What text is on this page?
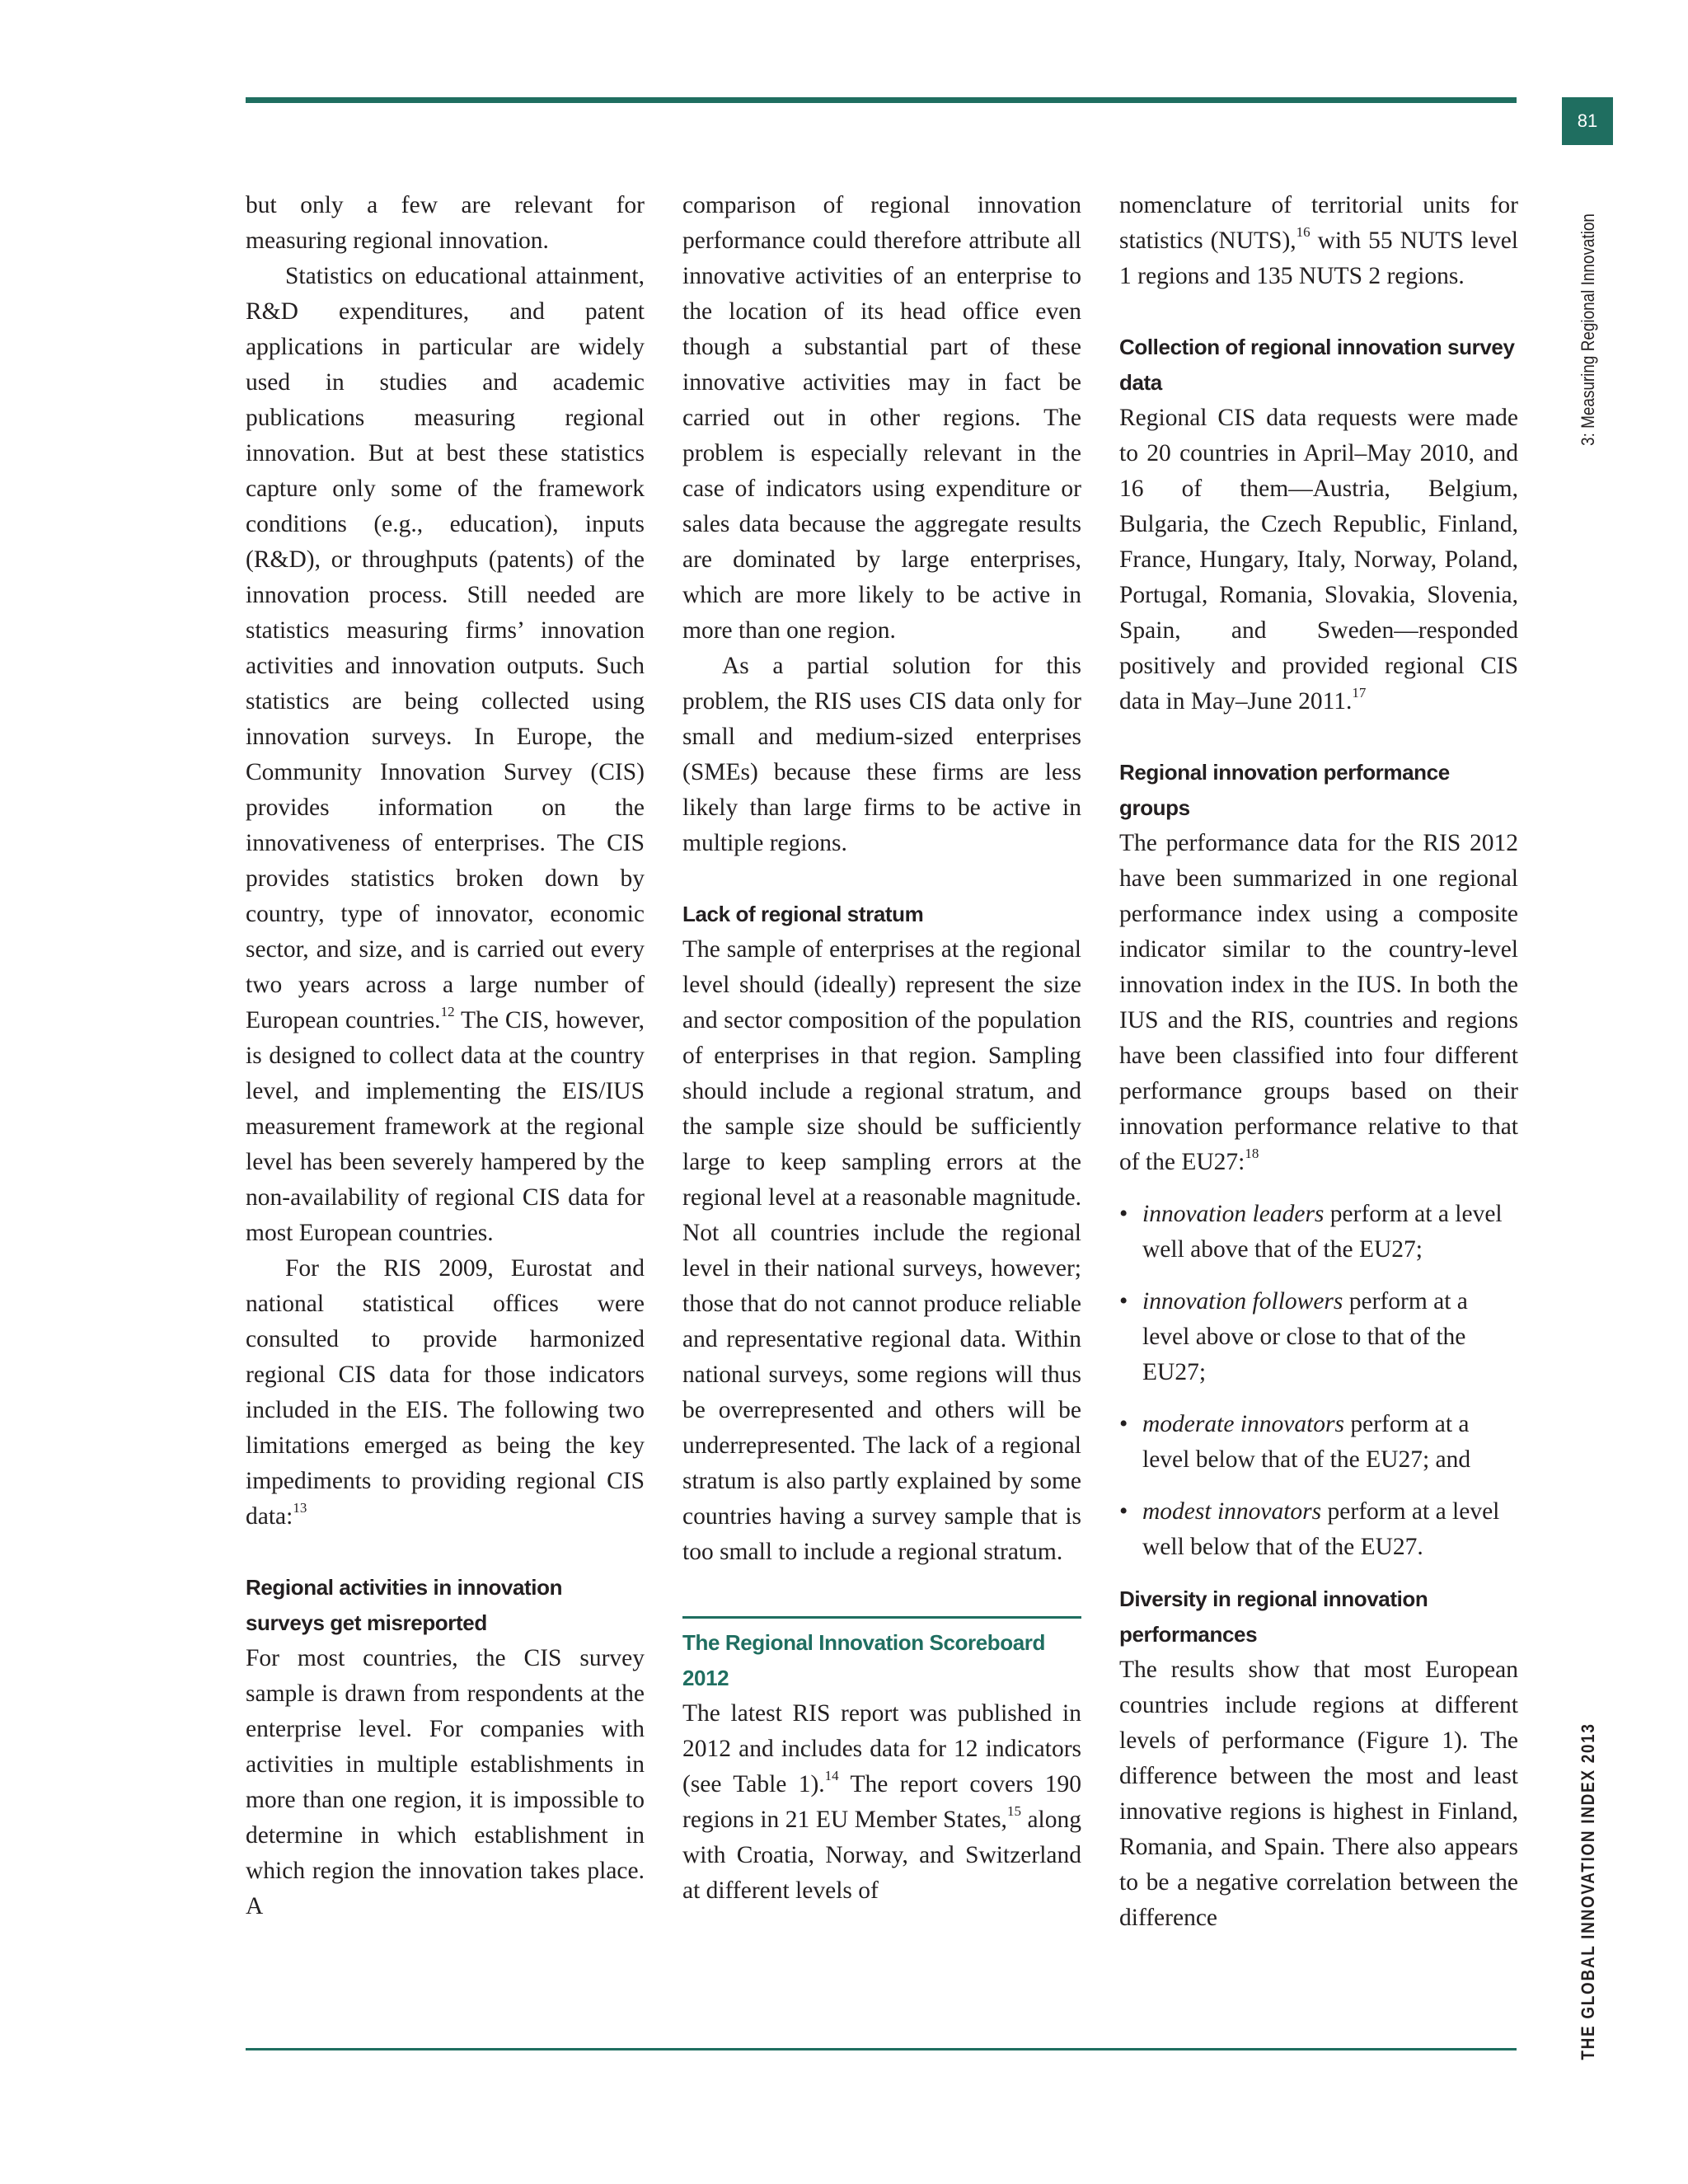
81
3: Measuring Regional Innovation
THE GLOBAL INNOVATION INDEX 2013

but only a few are relevant for measuring regional innovation.

Statistics on educational attainment, R&D expenditures, and patent applications in particular are widely used in studies and academic publications measuring regional innovation. But at best these statistics capture only some of the framework conditions (e.g., education), inputs (R&D), or throughputs (patents) of the innovation process. Still needed are statistics measuring firms’ innovation activities and innovation outputs. Such statistics are being collected using innovation surveys. In Europe, the Community Innovation Survey (CIS) provides information on the innovativeness of enterprises. The CIS provides statistics broken down by country, type of innovator, economic sector, and size, and is carried out every two years across a large number of European countries.$^{12}$ The CIS, however, is designed to collect data at the country level, and implementing the EIS/IUS measurement framework at the regional level has been severely hampered by the non-availability of regional CIS data for most European countries.

For the RIS 2009, Eurostat and national statistical offices were consulted to provide harmonized regional CIS data for those indicators included in the EIS. The following two limitations emerged as being the key impediments to providing regional CIS data:$^{13}$

Regional activities in innovation surveys get misreported

For most countries, the CIS survey sample is drawn from respondents at the enterprise level. For companies with activities in multiple establishments in more than one region, it is impossible to determine in which establishment in which region the innovation takes place. A

comparison of regional innovation performance could therefore attribute all innovative activities of an enterprise to the location of its head office even though a substantial part of these innovative activities may in fact be carried out in other regions. The problem is especially relevant in the case of indicators using expenditure or sales data because the aggregate results are dominated by large enterprises, which are more likely to be active in more than one region.

As a partial solution for this problem, the RIS uses CIS data only for small and medium-sized enterprises (SMEs) because these firms are less likely than large firms to be active in multiple regions.

Lack of regional stratum

The sample of enterprises at the regional level should (ideally) represent the size and sector composition of the population of enterprises in that region. Sampling should include a regional stratum, and the sample size should be sufficiently large to keep sampling errors at the regional level at a reasonable magnitude. Not all countries include the regional level in their national surveys, however; those that do not cannot produce reliable and representative regional data. Within national surveys, some regions will thus be overrepresented and others will be underrepresented. The lack of a regional stratum is also partly explained by some countries having a survey sample that is too small to include a regional stratum.

The Regional Innovation Scoreboard 2012

The latest RIS report was published in 2012 and includes data for 12 indicators (see Table 1).$^{14}$ The report covers 190 regions in 21 EU Member States,$^{15}$ along with Croatia, Norway, and Switzerland at different levels of

nomenclature of territorial units for statistics (NUTS),$^{16}$ with 55 NUTS level 1 regions and 135 NUTS 2 regions.

Collection of regional innovation survey data

Regional CIS data requests were made to 20 countries in April–May 2010, and 16 of them—Austria, Belgium, Bulgaria, the Czech Republic, Finland, France, Hungary, Italy, Norway, Poland, Portugal, Romania, Slovakia, Slovenia, Spain, and Sweden—responded positively and provided regional CIS data in May–June 2011.17

Regional innovation performance groups

The performance data for the RIS 2012 have been summarized in one regional performance index using a composite indicator similar to the country-level innovation index in the IUS. In both the IUS and the RIS, countries and regions have been classified into four different performance groups based on their innovation performance relative to that of the EU27:$^{18}$

• innovation leaders perform at a level well above that of the EU27;
• innovation followers perform at a level above or close to that of the EU27;
• moderate innovators perform at a level below that of the EU27; and
• modest innovators perform at a level well below that of the EU27.
Diversity in regional innovation performances

The results show that most European countries include regions at different levels of performance (Figure 1). The difference between the most and least innovative regions is highest in Finland, Romania, and Spain. There also appears to be a negative correlation between the difference
